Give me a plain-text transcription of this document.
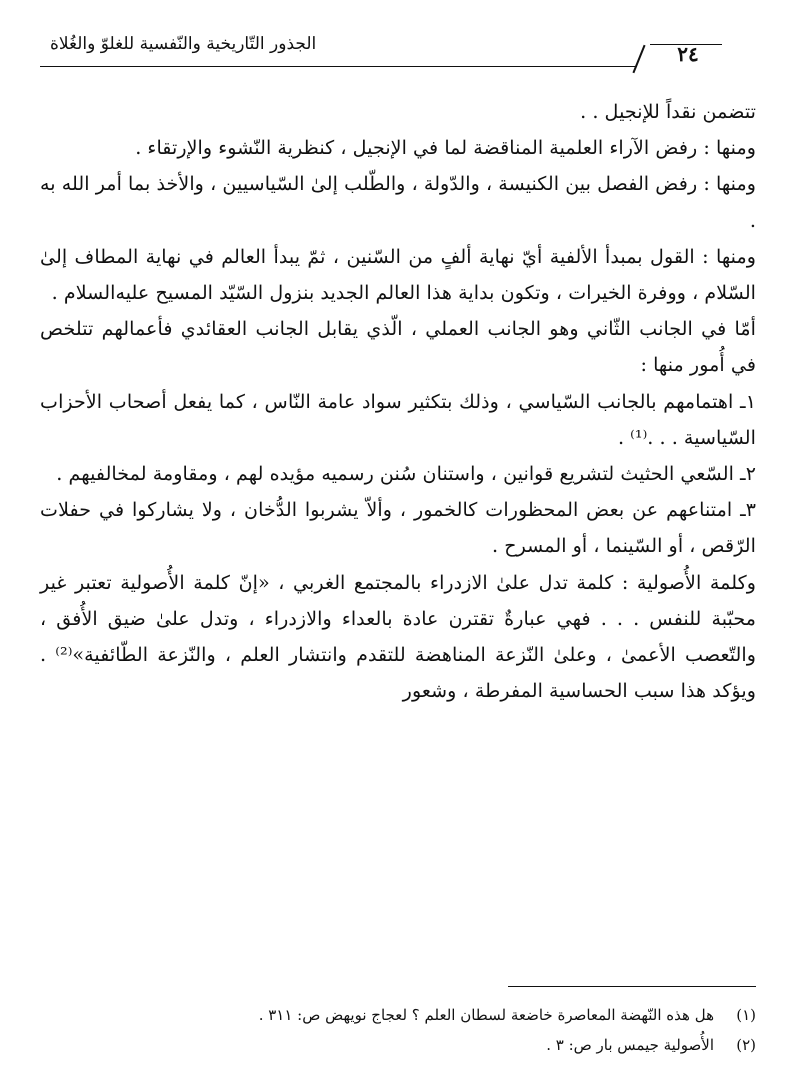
الجذور التّاريخية والنّفسية للغلوّ والغُلاة	٢٤

تتضمن نقداً للإنجيل . .

ومنها : رفض الآراء العلمية المناقضة لما في الإنجيل ، كنظرية النّشوء والإرتقاء .

ومنها : رفض الفصل بين الكنيسة ، والدّولة ، والطّلب إلىٰ السّياسيين ، والأخذ بما أمر الله به .

ومنها : القول بمبدأ الألفية أيّ نهاية ألفٍ من السّنين ، ثمّ يبدأ العالم في نهاية المطاف إلىٰ السّلام ، ووفرة الخيرات ، وتكون بداية هذا العالم الجديد بنزول السّيّد المسيح عليه‌السلام .

أمّا في الجانب الثّاني وهو الجانب العملي ، الّذي يقابل الجانب العقائدي فأعمالهم تتلخص في أُمور منها :

١ـ اهتمامهم بالجانب السّياسي ، وذلك بتكثير سواد عامة النّاس ، كما يفعل أصحاب الأحزاب السّياسية . . .⁽¹⁾ .

٢ـ السّعي الحثيث لتشريع قوانين ، واستنان سُنن رسميه مؤيده لهم ، ومقاومة لمخالفيهم .

٣ـ امتناعهم عن بعض المحظورات كالخمور ، وألاّ يشربوا الدُّخان ، ولا يشاركوا في حفلات الرّقص ، أو السّينما ، أو المسرح .

وكلمة الأُصولية : كلمة تدل علىٰ الازدراء بالمجتمع الغربي ، «إنّ كلمة الأُصولية تعتبر غير محبّبة للنفس . . . فهي عبارةٌ تقترن عادة بالعداء والازدراء ، وتدل علىٰ ضيق الأُفق ، والتّعصب الأعمىٰ ، وعلىٰ النّزعة المناهضة للتقدم وانتشار العلم ، والنّزعة الطّائفية»⁽²⁾ . ويؤكد هذا سبب الحساسية المفرطة ، وشعور

(١)
هل هذه النّهضة المعاصرة خاضعة لسطان العلم ؟ لعجاج نويهض ص: ٣١١ .
(٢)
الأُصولية جيمس بار ص: ٣ .
